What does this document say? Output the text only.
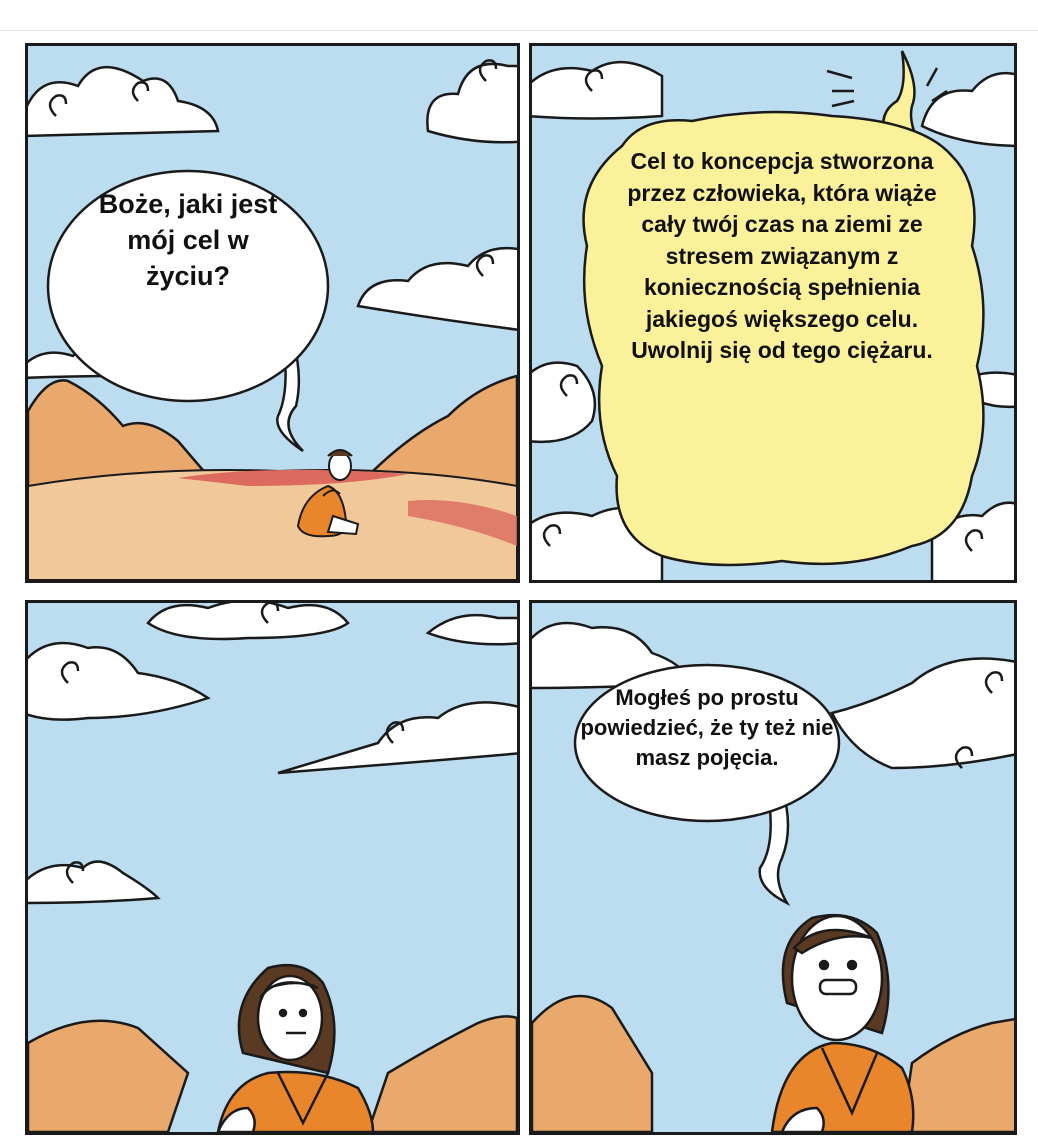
Boże, jaki jest mój cel w życiu?
Cel to koncepcja stworzona przez człowieka, która wiąże cały twój czas na ziemi ze stresem związanym z koniecznością spełnienia jakiegoś większego celu. Uwolnij się od tego ciężaru.
Mogłeś po prostu powiedzieć, że ty też nie masz pojęcia.
